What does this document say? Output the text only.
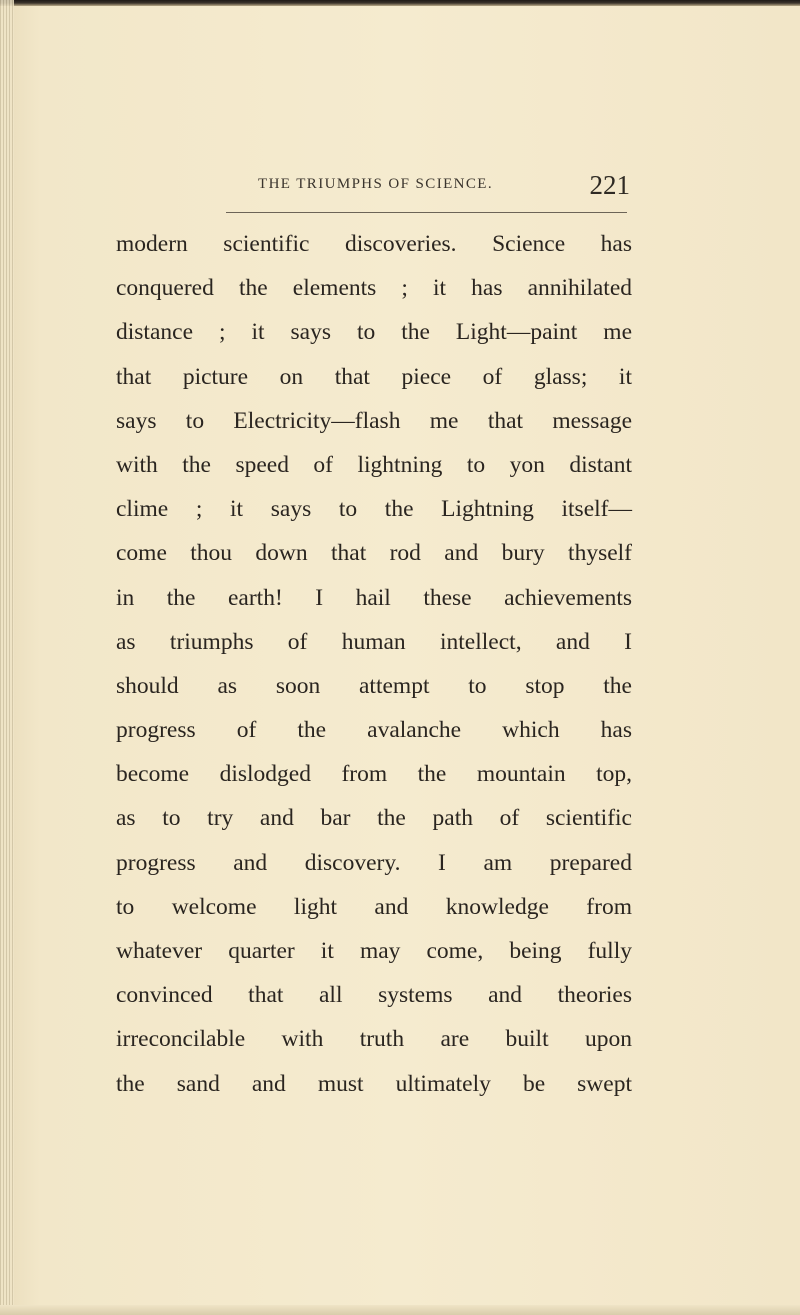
THE TRIUMPHS OF SCIENCE.	221
modern scientific discoveries. Science has
conquered the elements ; it has annihilated
distance ; it says to the Light—paint me
that picture on that piece of glass; it
says to Electricity—flash me that message
with the speed of lightning to yon distant
clime ; it says to the Lightning itself—
come thou down that rod and bury thyself
in the earth! I hail these achievements
as triumphs of human intellect, and I
should as soon attempt to stop the
progress of the avalanche which has
become dislodged from the mountain top,
as to try and bar the path of scientific
progress and discovery. I am prepared
to welcome light and knowledge from
whatever quarter it may come, being fully
convinced that all systems and theories
irreconcilable with truth are built upon
the sand and must ultimately be swept
